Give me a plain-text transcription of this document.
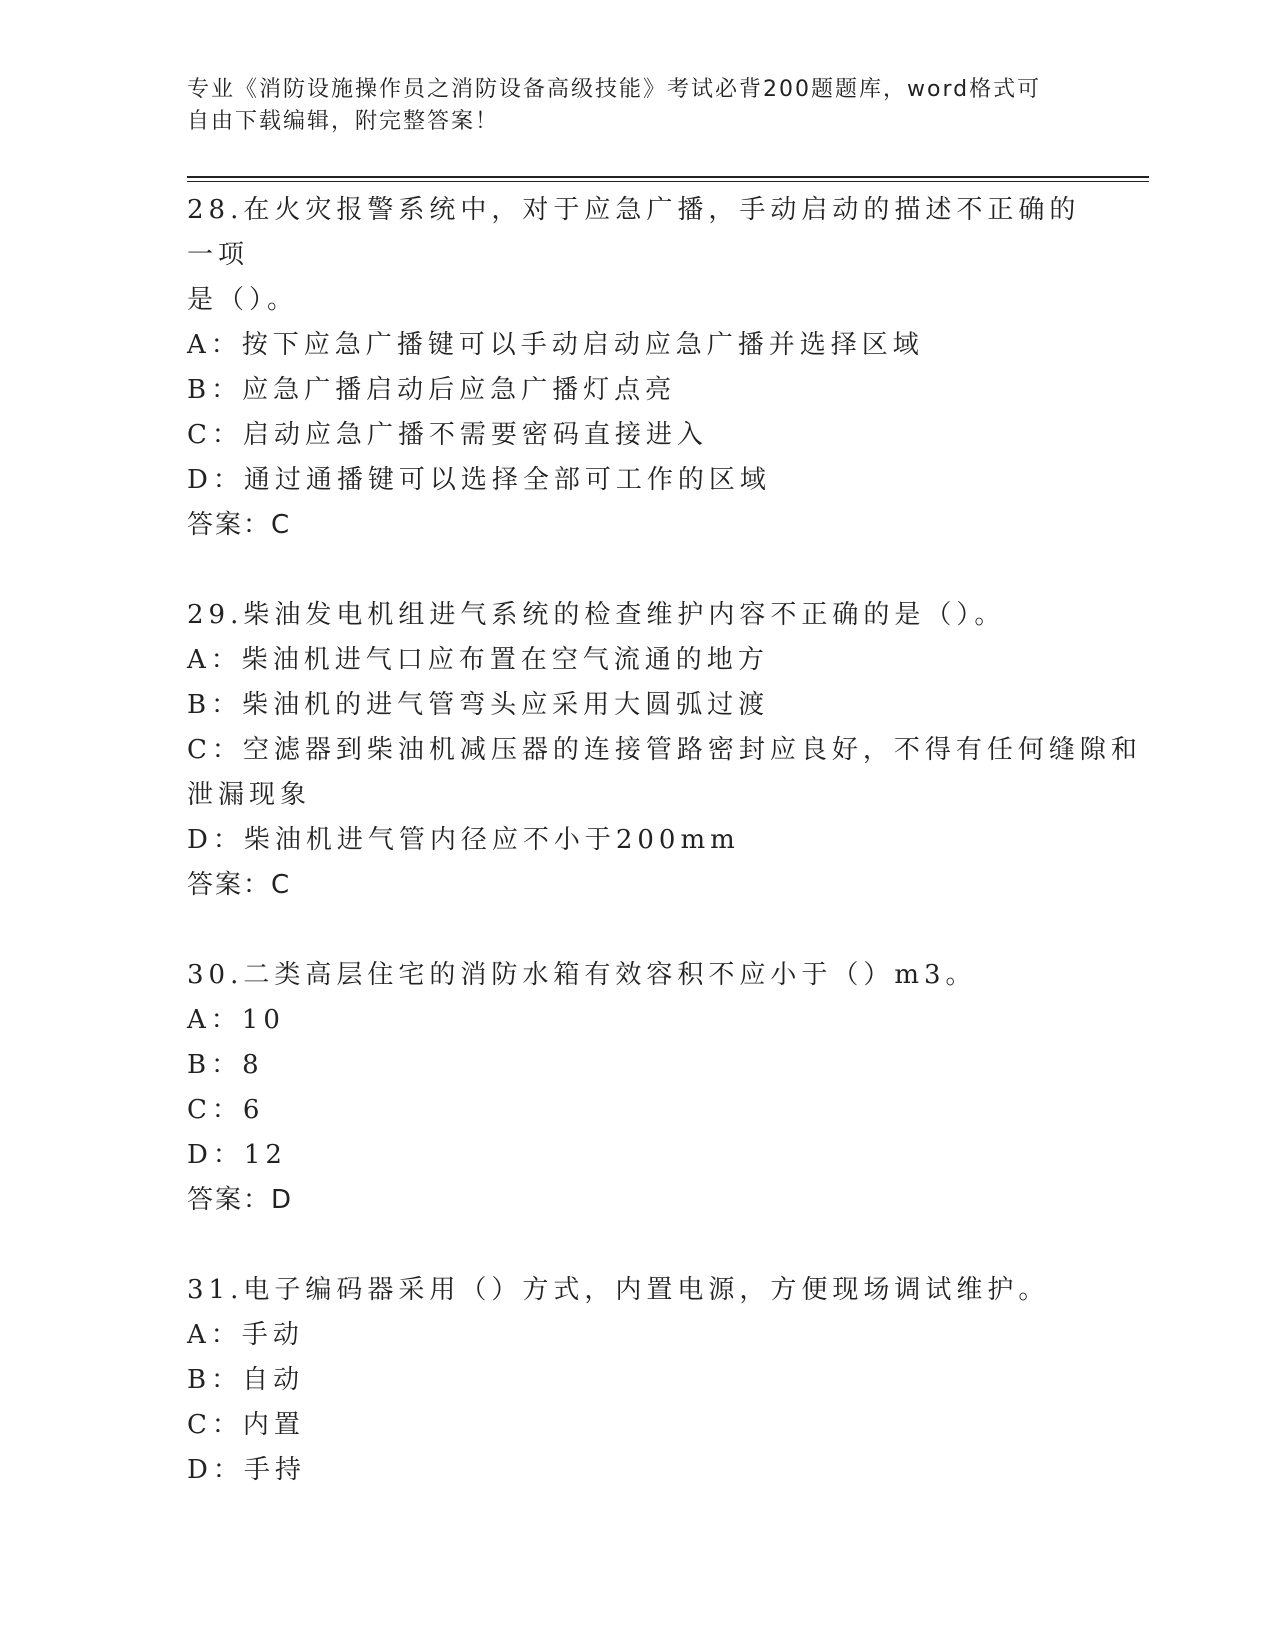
专业《消防设施操作员之消防设备高级技能》考试必背200题题库，word格式可
自由下载编辑，附完整答案！

28.在火灾报警系统中，对于应急广播，手动启动的描述不正确的一项

是（）。

A：按下应急广播键可以手动启动应急广播并选择区域

B：应急广播启动后应急广播灯点亮

C：启动应急广播不需要密码直接进入

D：通过通播键可以选择全部可工作的区域

答案：C

29.柴油发电机组进气系统的检查维护内容不正确的是（）。

A：柴油机进气口应布置在空气流通的地方

B：柴油机的进气管弯头应采用大圆弧过渡

C：空滤器到柴油机减压器的连接管路密封应良好，不得有任何缝隙和

泄漏现象

D：柴油机进气管内径应不小于200mm

答案：C

30.二类高层住宅的消防水箱有效容积不应小于（）m3。

A：10

B：8

C：6

D：12

答案：D

31.电子编码器采用（）方式，内置电源，方便现场调试维护。

A：手动

B：自动

C：内置

D：手持
